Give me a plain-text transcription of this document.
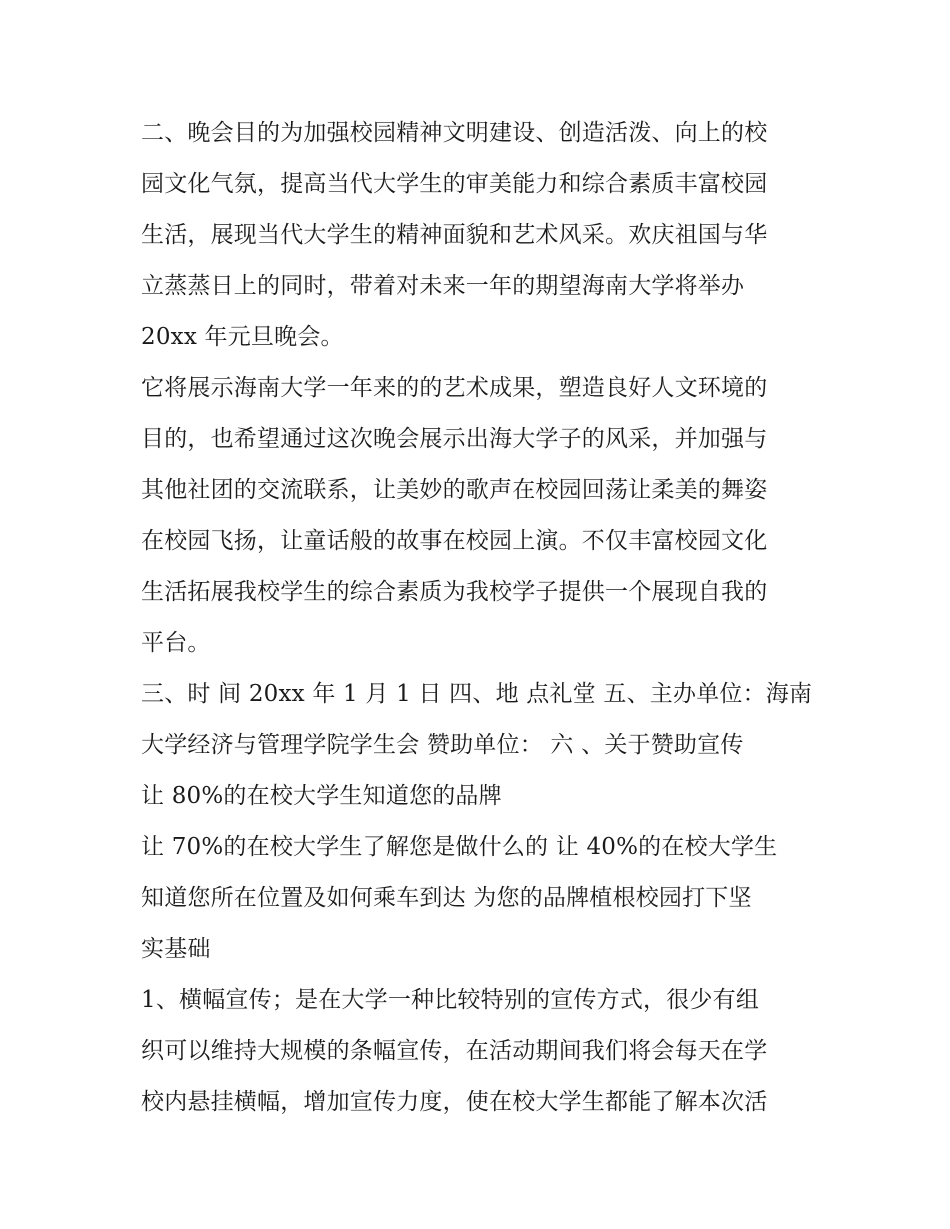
二、晚会目的为加强校园精神文明建设、创造活泼、向上的校

园文化气氛，提高当代大学生的审美能力和综合素质丰富校园

生活，展现当代大学生的精神面貌和艺术风采。欢庆祖国与华

立蒸蒸日上的同时，带着对未来一年的期望海南大学将举办

20xx 年元旦晚会。

它将展示海南大学一年来的的艺术成果，塑造良好人文环境的

目的，也希望通过这次晚会展示出海大学子的风采，并加强与

其他社团的交流联系，让美妙的歌声在校园回荡让柔美的舞姿

在校园飞扬，让童话般的故事在校园上演。不仅丰富校园文化

生活拓展我校学生的综合素质为我校学子提供一个展现自我的

平台。

三、时 间 20xx 年 1 月 1 日 四、地 点礼堂 五、主办单位：海南

大学经济与管理学院学生会 赞助单位： 六 、关于赞助宣传

让 80%的在校大学生知道您的品牌

让 70%的在校大学生了解您是做什么的 让 40%的在校大学生

知道您所在位置及如何乘车到达 为您的品牌植根校园打下坚

实基础

1、横幅宣传；是在大学一种比较特别的宣传方式，很少有组

织可以维持大规模的条幅宣传，在活动期间我们将会每天在学

校内悬挂横幅，增加宣传力度，使在校大学生都能了解本次活
